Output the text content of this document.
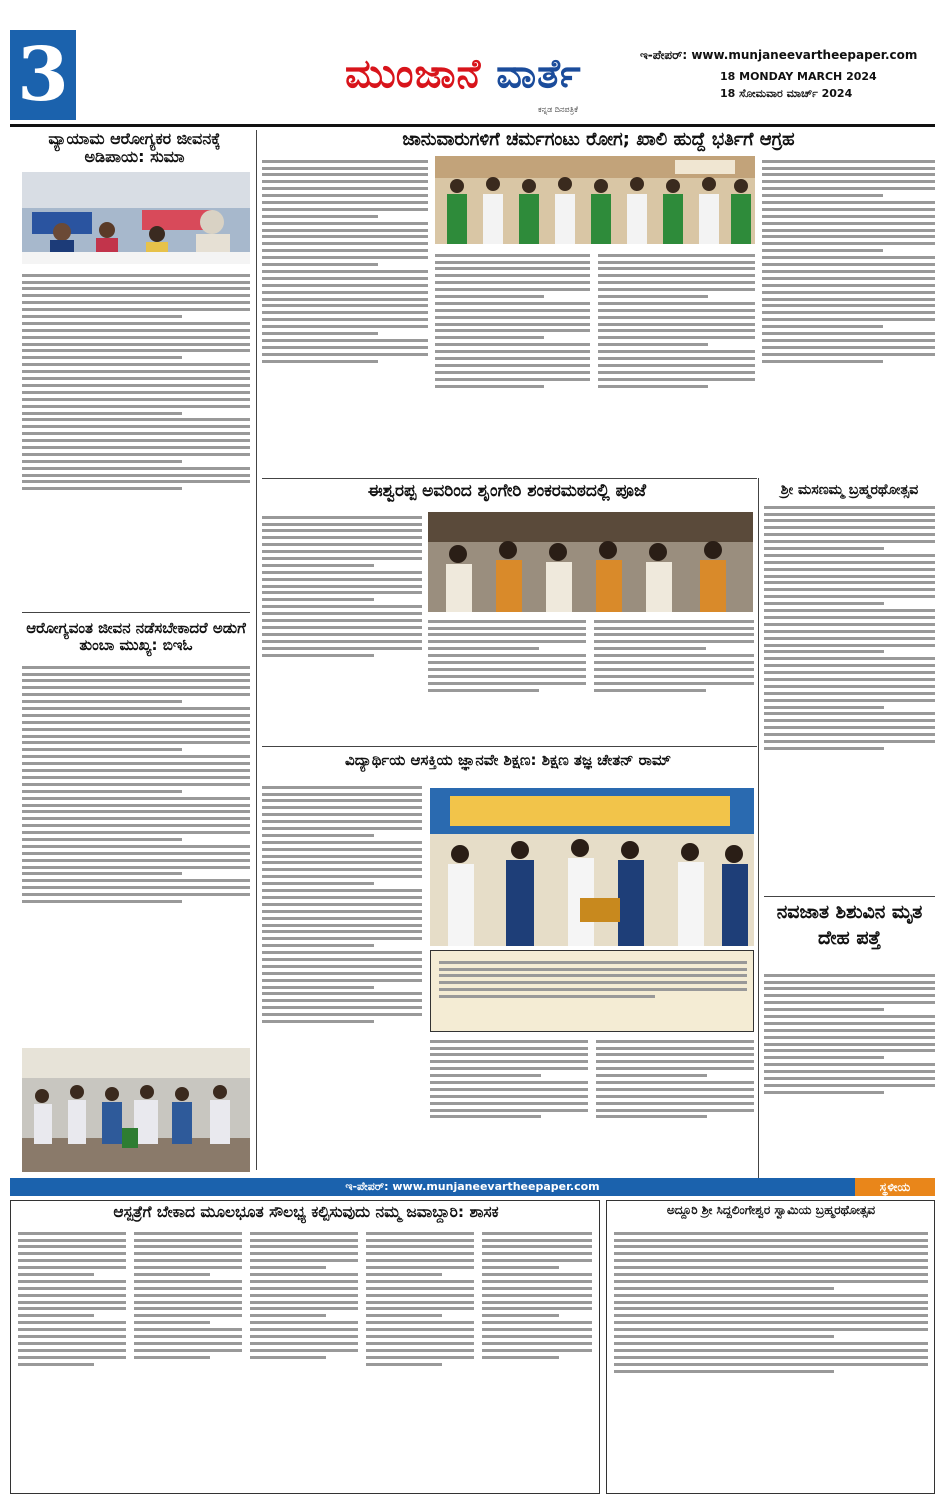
3	ಮುಂಜಾನೆ ವಾರ್ತೆ
ಕನ್ನಡ ದಿನಪತ್ರಿಕೆ
ಇ-ಪೇಪರ್: www.munjaneevartheepaper.com
18 MONDAY MARCH 2024
18 ಸೋಮವಾರ ಮಾರ್ಚ್ 2024
ವ್ಯಾಯಾಮ ಆರೋಗ್ಯಕರ ಜೀವನಕ್ಕೆ ಅಡಿಪಾಯ: ಸುಮಾ
ಆರೋಗ್ಯವಂತ ಜೀವನ ನಡೆಸಬೇಕಾದರೆ ಅಡುಗೆ ತುಂಬಾ ಮುಖ್ಯ: ಬಿಇಓ
ಜಾನುವಾರುಗಳಿಗೆ ಚರ್ಮಗಂಟು ರೋಗ; ಖಾಲಿ ಹುದ್ದೆ ಭರ್ತಿಗೆ ಆಗ್ರಹ
ಈಶ್ವರಪ್ಪ ಅವರಿಂದ ಶೃಂಗೇರಿ ಶಂಕರಮಠದಲ್ಲಿ ಪೂಜೆ
ವಿದ್ಯಾರ್ಥಿಯ ಆಸಕ್ತಿಯ ಜ್ಞಾನವೇ ಶಿಕ್ಷಣ: ಶಿಕ್ಷಣ ತಜ್ಞ ಚೇತನ್ ರಾಮ್
ಶ್ರೀ ಮಸಣಮ್ಮ ಬ್ರಹ್ಮರಥೋತ್ಸವ
ನವಜಾತ ಶಿಶುವಿನ ಮೃತ ದೇಹ ಪತ್ತೆ
ಇ-ಪೇಪರ್: www.munjaneevartheepaper.com	ಸ್ಥಳೀಯ
ಆಸ್ಪತ್ರೆಗೆ ಬೇಕಾದ ಮೂಲಭೂತ ಸೌಲಭ್ಯ ಕಲ್ಪಿಸುವುದು ನಮ್ಮ ಜವಾಬ್ದಾರಿ: ಶಾಸಕ	ಅದ್ದೂರಿ ಶ್ರೀ ಸಿದ್ದಲಿಂಗೇಶ್ವರ ಸ್ವಾಮಿಯ ಬ್ರಹ್ಮರಥೋತ್ಸವ
